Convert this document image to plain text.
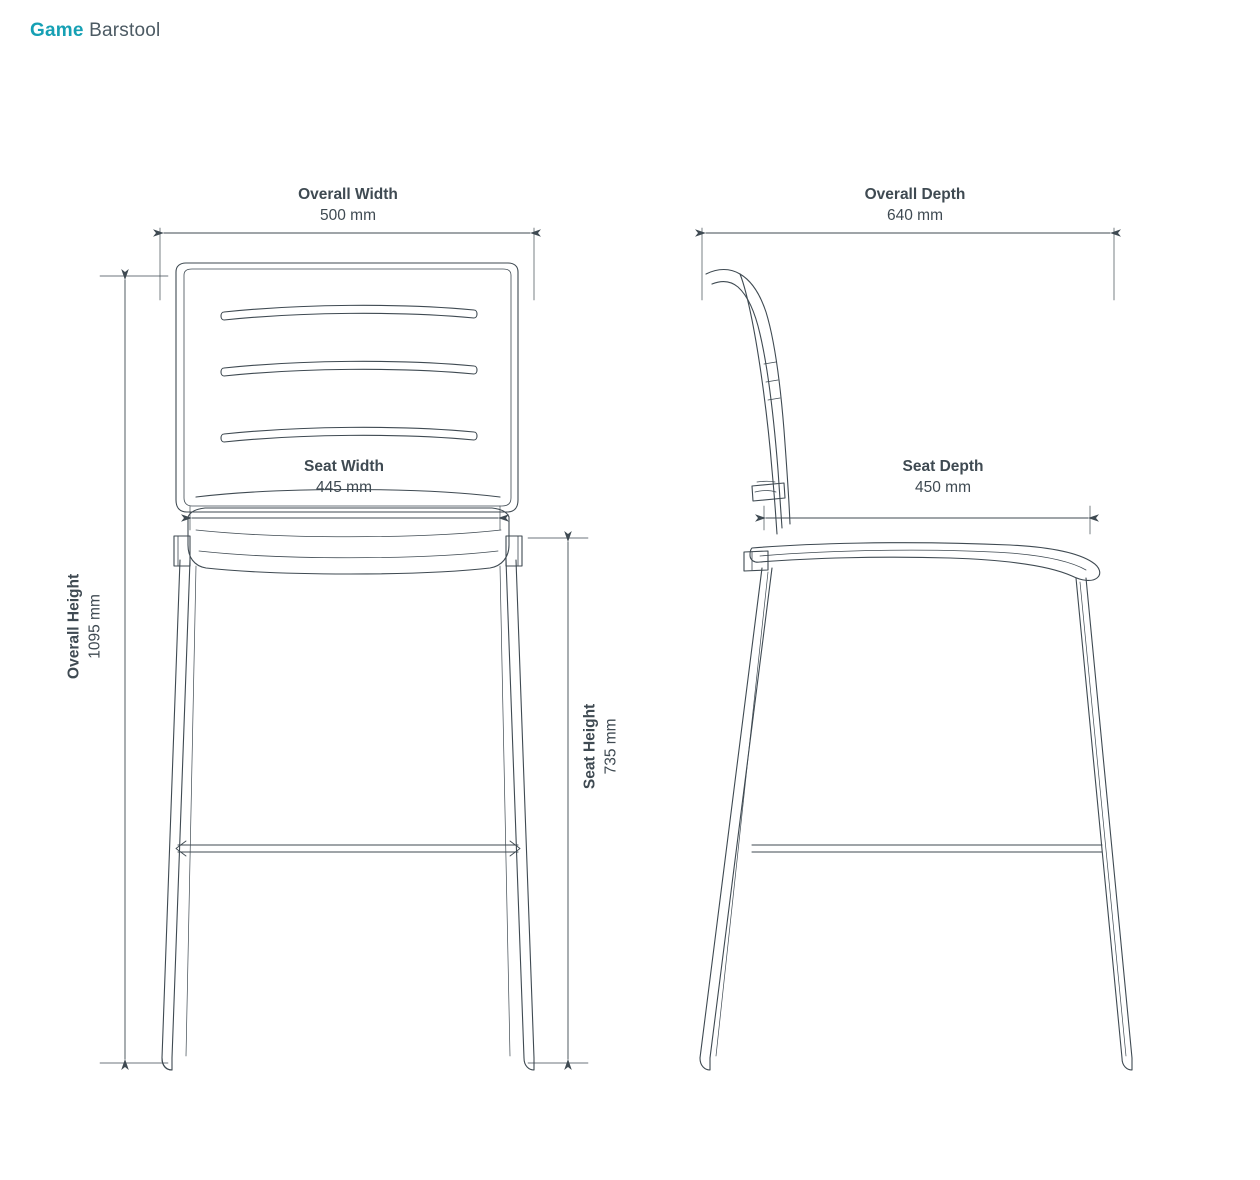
Game Barstool
Overall Width
500 mm
Seat Width
445 mm
Overall Height 1095 mm
Seat Height 735 mm
Overall Depth
640 mm
Seat Depth
450 mm
